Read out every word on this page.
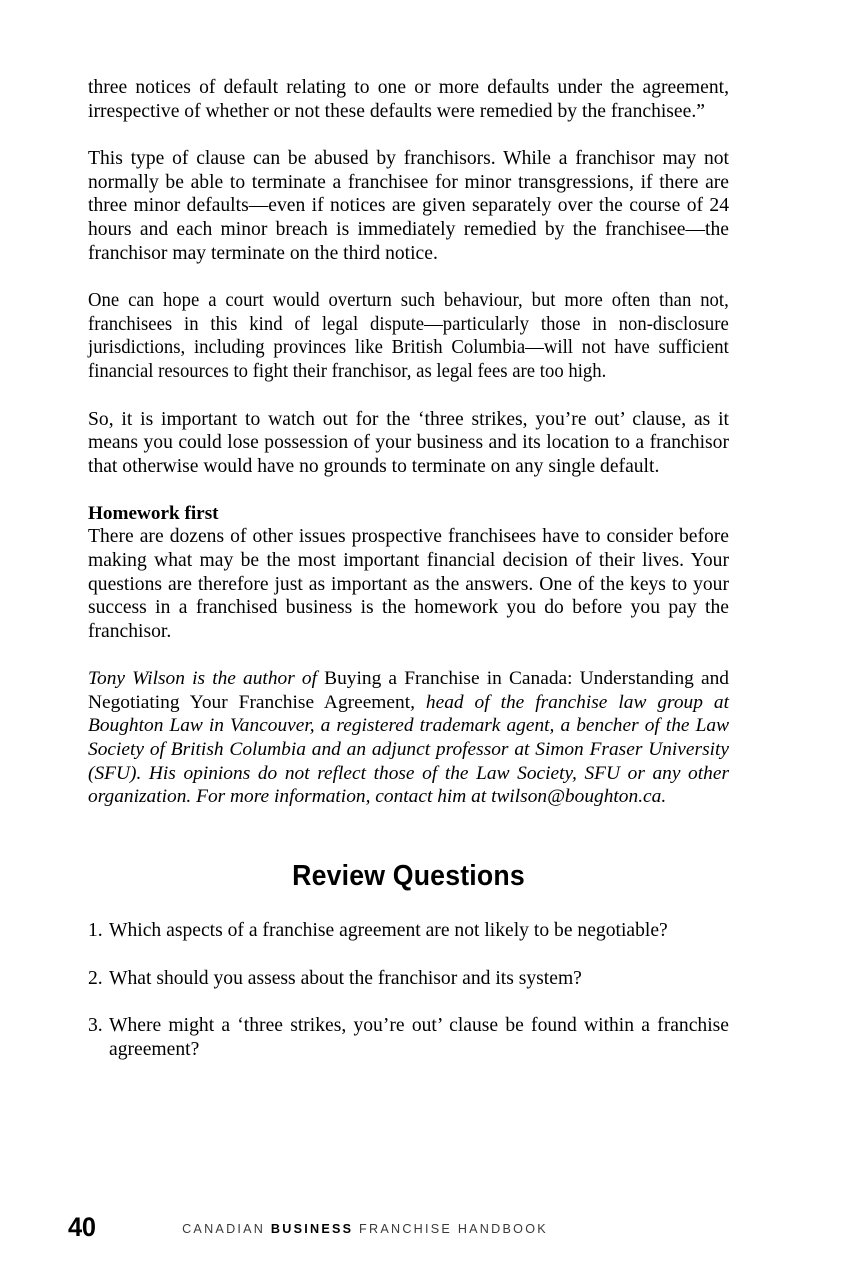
three notices of default relating to one or more defaults under the agreement, irrespective of whether or not these defaults were remedied by the franchisee.”

This type of clause can be abused by franchisors. While a franchisor may not normally be able to terminate a franchisee for minor transgressions, if there are three minor defaults—even if notices are given separately over the course of 24 hours and each minor breach is immediately remedied by the franchisee—the franchisor may terminate on the third notice.

One can hope a court would overturn such behaviour, but more often than not, franchisees in this kind of legal dispute—particularly those in non-disclosure jurisdictions, including provinces like British Columbia—will not have sufficient financial resources to fight their franchisor, as legal fees are too high.

So, it is important to watch out for the ‘three strikes, you’re out’ clause, as it means you could lose possession of your business and its location to a franchisor that otherwise would have no grounds to terminate on any single default.

Homework first

There are dozens of other issues prospective franchisees have to consider before making what may be the most important financial decision of their lives. Your questions are therefore just as important as the answers. One of the keys to your success in a franchised business is the homework you do before you pay the franchisor.

Tony Wilson is the author of Buying a Franchise in Canada: Understanding and Negotiating Your Franchise Agreement, head of the franchise law group at Boughton Law in Vancouver, a registered trademark agent, a bencher of the Law Society of British Columbia and an adjunct professor at Simon Fraser University (SFU). His opinions do not reflect those of the Law Society, SFU or any other organization. For more information, contact him at twilson@boughton.ca.

Review Questions
1. Which aspects of a franchise agreement are not likely to be negotiable?
2. What should you assess about the franchisor and its system?
3. Where might a ‘three strikes, you’re out’ clause be found within a franchise agreement?
40	CANADIAN BUSINESS FRANCHISE HANDBOOK
